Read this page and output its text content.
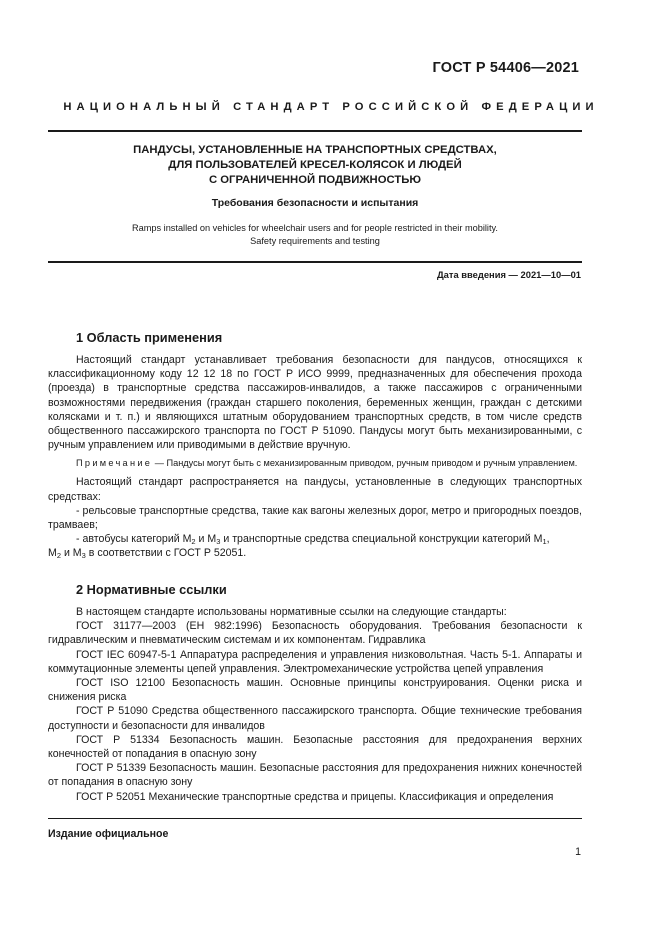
ГОСТ Р 54406—2021
НАЦИОНАЛЬНЫЙ СТАНДАРТ РОССИЙСКОЙ ФЕДЕРАЦИИ
ПАНДУСЫ, УСТАНОВЛЕННЫЕ НА ТРАНСПОРТНЫХ СРЕДСТВАХ,
ДЛЯ ПОЛЬЗОВАТЕЛЕЙ КРЕСЕЛ-КОЛЯСОК И ЛЮДЕЙ
С ОГРАНИЧЕННОЙ ПОДВИЖНОСТЬЮ
Требования безопасности и испытания
Ramps installed on vehicles for wheelchair users and for people restricted in their mobility.
Safety requirements and testing
Дата введения — 2021—10—01
1 Область применения

Настоящий стандарт устанавливает требования безопасности для пандусов, относящихся к классификационному коду 12 12 18 по ГОСТ Р ИСО 9999, предназначенных для обеспечения прохода (проезда) в транспортные средства пассажиров-инвалидов, а также пассажиров с ограниченными возможностями передвижения (граждан старшего поколения, беременных женщин, граждан с детскими колясками и т. п.) и являющихся штатным оборудованием транспортных средств, в том числе средств общественного пассажирского транспорта по ГОСТ Р 51090. Пандусы могут быть механизированными, с ручным управлением или приводимыми в действие вручную.

Примечание — Пандусы могут быть с механизированным приводом, ручным приводом и ручным управлением.

Настоящий стандарт распространяется на пандусы, установленные в следующих транспортных средствах:

- рельсовые транспортные средства, такие как вагоны железных дорог, метро и пригородных поездов, трамваев;

- автобусы категорий $М_2$ и $М_3$ и транспортные средства специальной конструкции категорий $М_1$,

$М_2$ и $М_3$ в соответствии с ГОСТ Р 52051.

2 Нормативные ссылки

В настоящем стандарте использованы нормативные ссылки на следующие стандарты:

ГОСТ 31177—2003 (ЕН 982:1996) Безопасность оборудования. Требования безопасности к гидравлическим и пневматическим системам и их компонентам. Гидравлика

ГОСТ IEC 60947-5-1 Аппаратура распределения и управления низковольтная. Часть 5-1. Аппараты и коммутационные элементы цепей управления. Электромеханические устройства цепей управления

ГОСТ ISO 12100 Безопасность машин. Основные принципы конструирования. Оценки риска и снижения риска

ГОСТ Р 51090 Средства общественного пассажирского транспорта. Общие технические требования доступности и безопасности для инвалидов

ГОСТ Р 51334 Безопасность машин. Безопасные расстояния для предохранения верхних конечностей от попадания в опасную зону

ГОСТ Р 51339 Безопасность машин. Безопасные расстояния для предохранения нижних конечностей от попадания в опасную зону

ГОСТ Р 52051 Механические транспортные средства и прицепы. Классификация и определения

Издание официальное
1
